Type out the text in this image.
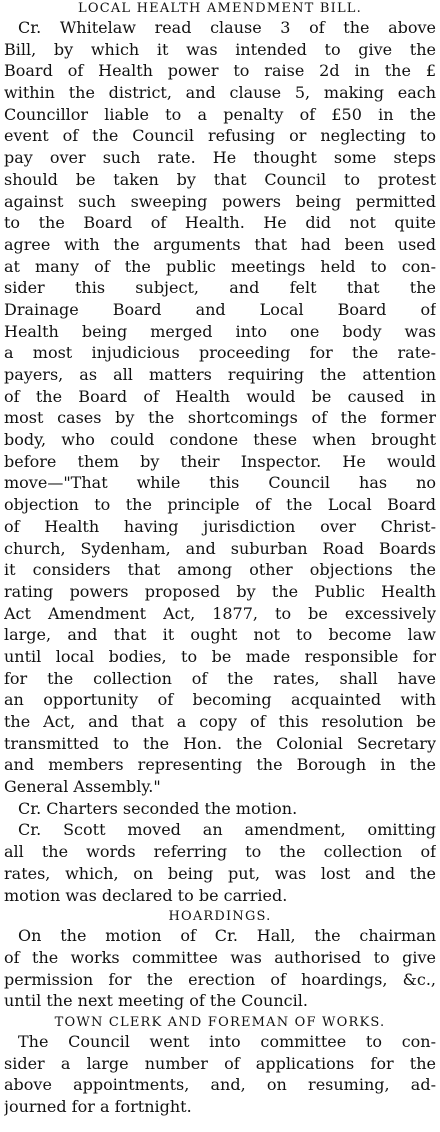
LOCAL HEALTH AMENDMENT BILL.
Cr. Whitelaw read clause 3 of the above
Bill, by which it was intended to give the
Board of Health power to raise 2d in the £
within the district, and clause 5, making each
Councillor liable to a penalty of £50 in the
event of the Council refusing or neglecting to
pay over such rate. He thought some steps
should be taken by that Council to protest
against such sweeping powers being permitted
to the Board of Health. He did not quite
agree with the arguments that had been used
at many of the public meetings held to con-
sider this subject, and felt that the
Drainage Board and Local Board of
Health being merged into one body was
a most injudicious proceeding for the rate-
payers, as all matters requiring the attention
of the Board of Health would be caused in
most cases by the shortcomings of the former
body, who could condone these when brought
before them by their Inspector. He would
move—"That while this Council has no
objection to the principle of the Local Board
of Health having jurisdiction over Christ-
church, Sydenham, and suburban Road Boards
it considers that among other objections the
rating powers proposed by the Public Health
Act Amendment Act, 1877, to be excessively
large, and that it ought not to become law
until local bodies, to be made responsible for
for the collection of the rates, shall have
an opportunity of becoming acquainted with
the Act, and that a copy of this resolution be
transmitted to the Hon. the Colonial Secretary
and members representing the Borough in the
General Assembly."
Cr. Charters seconded the motion.
Cr. Scott moved an amendment, omitting
all the words referring to the collection of
rates, which, on being put, was lost and the
motion was declared to be carried.
HOARDINGS.
On the motion of Cr. Hall, the chairman
of the works committee was authorised to give
permission for the erection of hoardings, &c.,
until the next meeting of the Council.
TOWN CLERK AND FOREMAN OF WORKS.
The Council went into committee to con-
sider a large number of applications for the
above appointments, and, on resuming, ad-
journed for a fortnight.
